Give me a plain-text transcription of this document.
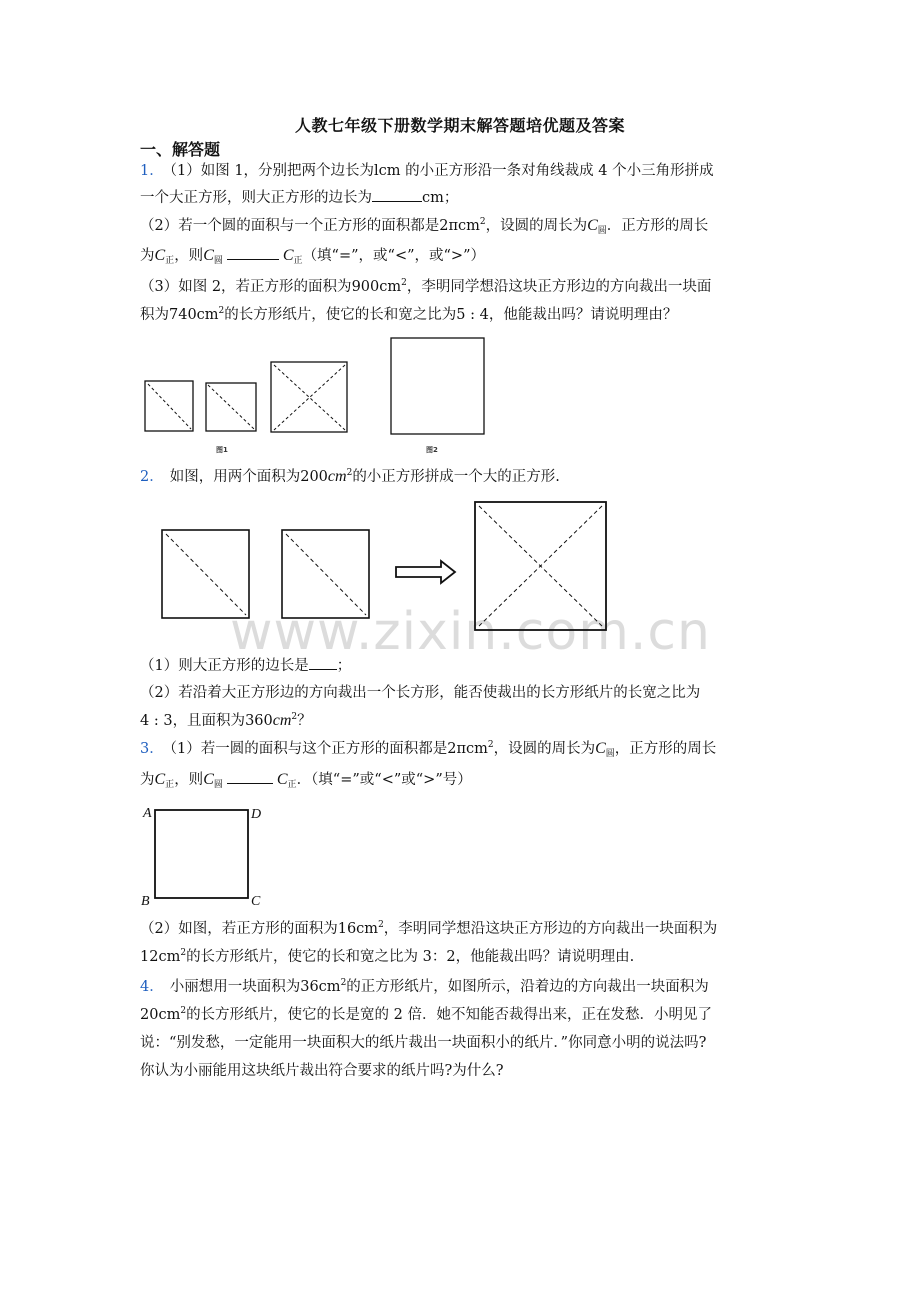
人教七年级下册数学期末解答题培优题及答案
一、解答题
1． （1）如图 1，分别把两个边长为lcm 的小正方形沿一条对角线裁成 4 个小三角形拼成
一个大正方形，则大正方形的边长为	cm；
（2）若一个圆的面积与一个正方形的面积都是2πcm$^2$，设圆的周长为$C_圆$．正方形的周长
为$C_正$，则$C_圆$	$C_正$（填“=”，或“<”，或“>”）
（3）如图 2，若正方形的面积为$900cm^2$，李明同学想沿这块正方形边的方向裁出一块面
积为$740cm^2$的长方形纸片，使它的长和宽之比为5 : 4，他能裁出吗？请说明理由？
2． 如图，用两个面积为$200cm^2$的小正方形拼成一个大的正方形.
（1）则大正方形的边长是 ；
（2）若沿着大正方形边的方向裁出一个长方形，能否使裁出的长方形纸片的长宽之比为
4 : 3，且面积为$360cm^2$？
3． （1）若一圆的面积与这个正方形的面积都是2πcm$^2$，设圆的周长为$C_圆$，正方形的周长
为$C_正$，则$C_圆$	$C_正$．（填“=”或“<”或“>”号）
（2）如图，若正方形的面积为$16cm^2$，李明同学想沿这块正方形边的方向裁出一块面积为
$12cm^2$的长方形纸片，使它的长和宽之比为 3：2，他能裁出吗？请说明理由.
4． 小丽想用一块面积为$36cm^2$的正方形纸片，如图所示，沿着边的方向裁出一块面积为
$20cm^2$的长方形纸片，使它的长是宽的 2 倍．她不知能否裁得出来，正在发愁．小明见了
说：“别发愁，一定能用一块面积大的纸片裁出一块面积小的纸片．”你同意小明的说法吗?
你认为小丽能用这块纸片裁出符合要求的纸片吗?为什么?
www.zixin.com.cn
A	D
B	C
图1	图2
